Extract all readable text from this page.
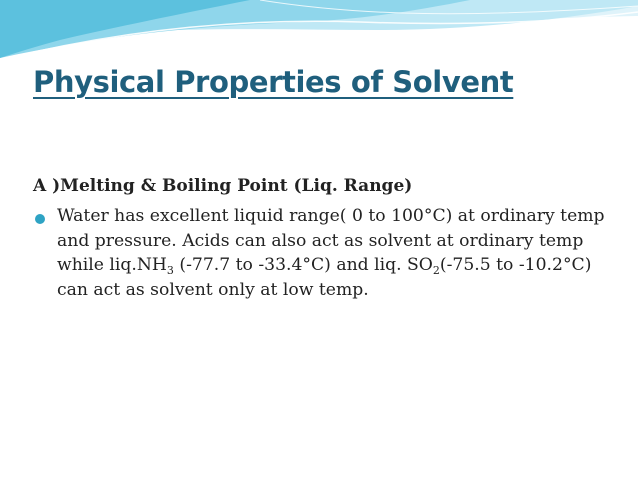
Physical Properties of Solvent
A )Melting & Boiling Point (Liq. Range)

Water has excellent liquid range( 0 to 100°C) at ordinary temp and pressure. Acids can also act as solvent at ordinary temp while $liq.NH_3$ (-77.7 to -33.4°C) and liq. $SO_2(-75.5$ to -10.2°C) can act as solvent only at low temp.
